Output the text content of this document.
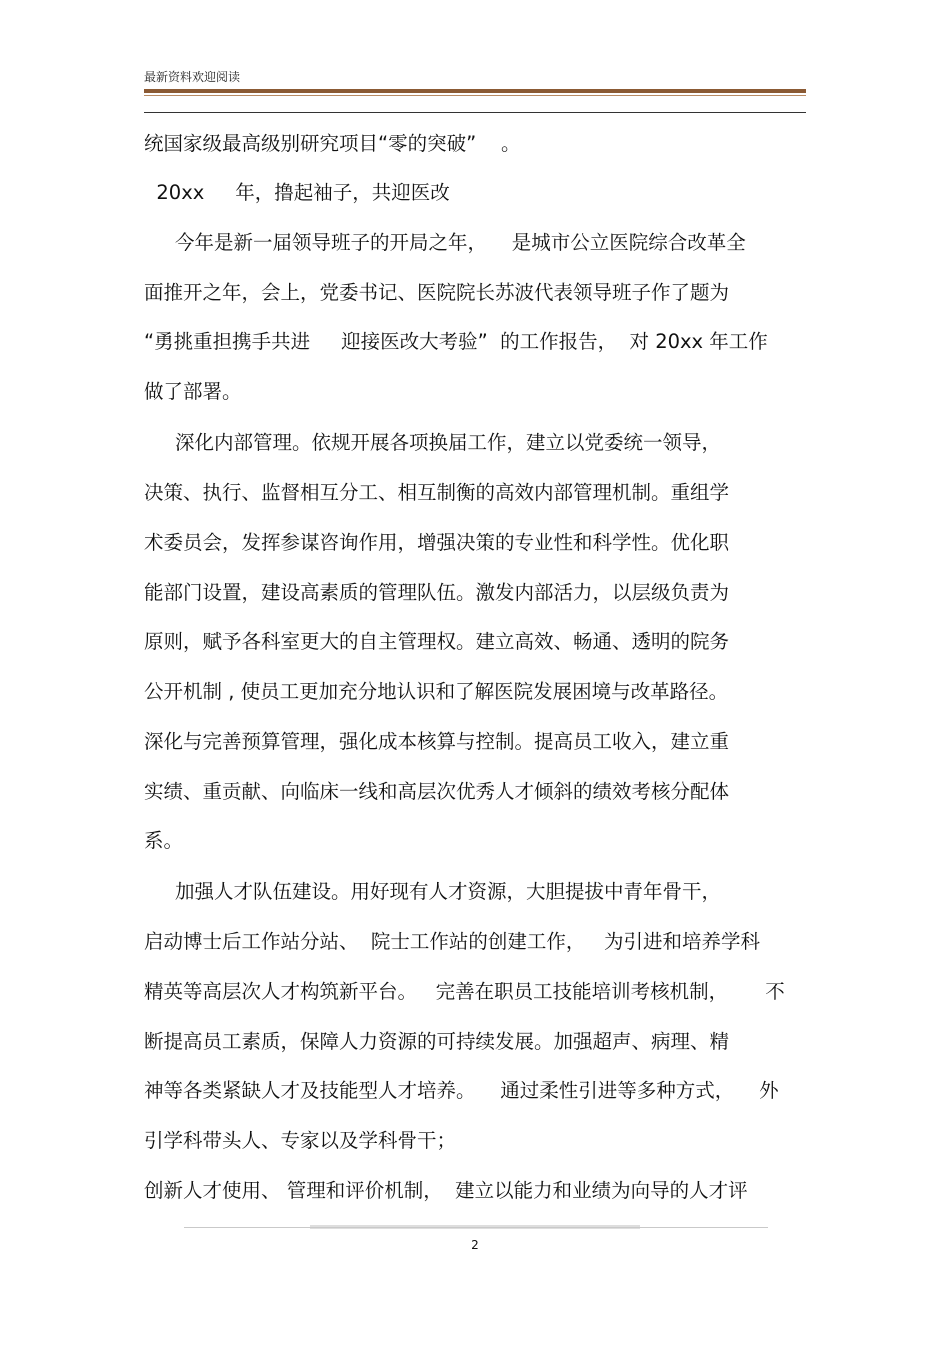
最新资料欢迎阅读
统国家级最高级别研究项目“零的突破”    。
20xx     年，撸起袖子，共迎医改
今年是新一届领导班子的开局之年，    是城市公立医院综合改革全
面推开之年，会上，党委书记、医院院长苏波代表领导班子作了题为
“勇挑重担携手共进     迎接医改大考验”  的工作报告，  对 20xx 年工作
做了部署。
深化内部管理。依规开展各项换届工作，建立以党委统一领导，
决策、执行、监督相互分工、相互制衡的高效内部管理机制。重组学
术委员会，发挥参谋咨询作用，增强决策的专业性和科学性。优化职
能部门设置，建设高素质的管理队伍。激发内部活力，以层级负责为
原则，赋予各科室更大的自主管理权。建立高效、畅通、透明的院务
公开机制 , 使员工更加充分地认识和了解医院发展困境与改革路径。
深化与完善预算管理，强化成本核算与控制。提高员工收入，建立重
实绩、重贡献、向临床一线和高层次优秀人才倾斜的绩效考核分配体
系。
加强人才队伍建设。用好现有人才资源，大胆提拔中青年骨干，
启动博士后工作站分站、  院士工作站的创建工作，   为引进和培养学科
精英等高层次人才构筑新平台。   完善在职员工技能培训考核机制，      不
断提高员工素质，保障人力资源的可持续发展。加强超声、病理、精
神等各类紧缺人才及技能型人才培养。    通过柔性引进等多种方式，    外
引学科带头人、专家以及学科骨干；
创新人才使用、 管理和评价机制，  建立以能力和业绩为向导的人才评
2
